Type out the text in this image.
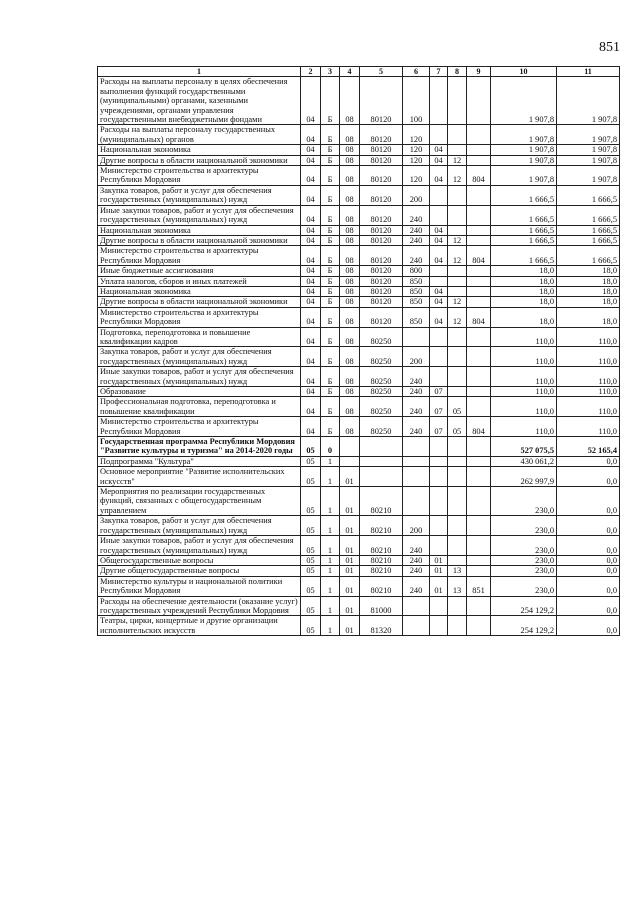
851
1	2	3	4	5	6	7	8	9	10	11
Расходы на выплаты персоналу в целях обеспечения выполнения функций государственными (муниципальными) органами, казенными учреждениями, органами управления государственными внебюджетными фондами	04	Б	08	80120	100				1 907,8	1 907,8
Расходы на выплаты персоналу государственных (муниципальных) органов	04	Б	08	80120	120				1 907,8	1 907,8
Национальная экономика	04	Б	08	80120	120	04			1 907,8	1 907,8
Другие вопросы в области национальной экономики	04	Б	08	80120	120	04	12		1 907,8	1 907,8
Министерство строительства и архитектуры Республики Мордовия	04	Б	08	80120	120	04	12	804	1 907,8	1 907,8
Закупка товаров, работ и услуг для обеспечения государственных (муниципальных) нужд	04	Б	08	80120	200				1 666,5	1 666,5
Иные закупки товаров, работ и услуг для обеспечения государственных (муниципальных) нужд	04	Б	08	80120	240				1 666,5	1 666,5
Национальная экономика	04	Б	08	80120	240	04			1 666,5	1 666,5
Другие вопросы в области национальной экономики	04	Б	08	80120	240	04	12		1 666,5	1 666,5
Министерство строительства и архитектуры Республики Мордовия	04	Б	08	80120	240	04	12	804	1 666,5	1 666,5
Иные бюджетные ассигнования	04	Б	08	80120	800				18,0	18,0
Уплата налогов, сборов и иных платежей	04	Б	08	80120	850				18,0	18,0
Национальная экономика	04	Б	08	80120	850	04			18,0	18,0
Другие вопросы в области национальной экономики	04	Б	08	80120	850	04	12		18,0	18,0
Министерство строительства и архитектуры Республики Мордовия	04	Б	08	80120	850	04	12	804	18,0	18,0
Подготовка, переподготовка и повышение квалификации кадров	04	Б	08	80250					110,0	110,0
Закупка товаров, работ и услуг для обеспечения государственных (муниципальных) нужд	04	Б	08	80250	200				110,0	110,0
Иные закупки товаров, работ и услуг для обеспечения государственных (муниципальных) нужд	04	Б	08	80250	240				110,0	110,0
Образование	04	Б	08	80250	240	07			110,0	110,0
Профессиональная подготовка, переподготовка и повышение квалификации	04	Б	08	80250	240	07	05		110,0	110,0
Министерство строительства и архитектуры Республики Мордовия	04	Б	08	80250	240	07	05	804	110,0	110,0
Государственная программа Республики Мордовия "Развитие культуры и туризма" на 2014-2020 годы	05	0							527 075,5	52 165,4
Подпрограмма "Культура"	05	1							430 061,2	0,0
Основное мероприятие "Развитие исполнительских искусств"	05	1	01						262 997,9	0,0
Мероприятия по реализации государственных функций, связанных с общегосударственным управлением	05	1	01	80210					230,0	0,0
Закупка товаров, работ и услуг для обеспечения государственных (муниципальных) нужд	05	1	01	80210	200				230,0	0,0
Иные закупки товаров, работ и услуг для обеспечения государственных (муниципальных) нужд	05	1	01	80210	240				230,0	0,0
Общегосударственные вопросы	05	1	01	80210	240	01			230,0	0,0
Другие общегосударственные вопросы	05	1	01	80210	240	01	13		230,0	0,0
Министерство культуры и национальной политики Республики Мордовия	05	1	01	80210	240	01	13	851	230,0	0,0
Расходы на обеспечение деятельности (оказание услуг) государственных учреждений Республики Мордовия	05	1	01	81000					254 129,2	0,0
Театры, цирки, концертные и другие организации исполнительских искусств	05	1	01	81320					254 129,2	0,0
